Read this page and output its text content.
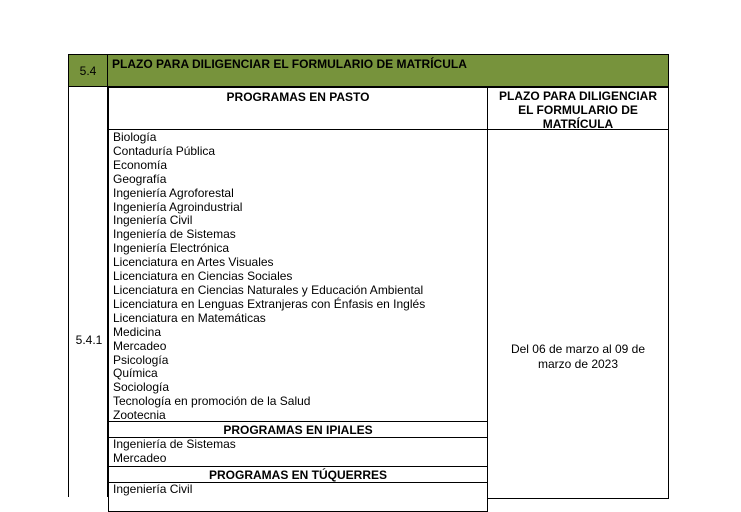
5.4	PLAZO PARA DILIGENCIAR EL FORMULARIO DE MATRÍCULA
5.4.1
PROGRAMAS EN PASTO	PLAZO PARA DILIGENCIAR EL FORMULARIO DE MATRÍCULA
Biología
Contaduría Pública
Economía
Geografía
Ingeniería Agroforestal
Ingeniería Agroindustrial
Ingeniería Civil
Ingeniería de Sistemas
Ingeniería Electrónica
Licenciatura en Artes Visuales
Licenciatura en Ciencias Sociales
Licenciatura en Ciencias Naturales y Educación Ambiental
Licenciatura en Lenguas Extranjeras con Énfasis en Inglés
Licenciatura en Matemáticas
Medicina
Mercadeo
Psicología
Química
Sociología
Tecnología en promoción de la Salud
Zootecnia
Del 06 de marzo al 09 de marzo de 2023
PROGRAMAS EN IPIALES
Ingeniería de Sistemas
Mercadeo
PROGRAMAS EN TÚQUERRES
Ingeniería Civil
